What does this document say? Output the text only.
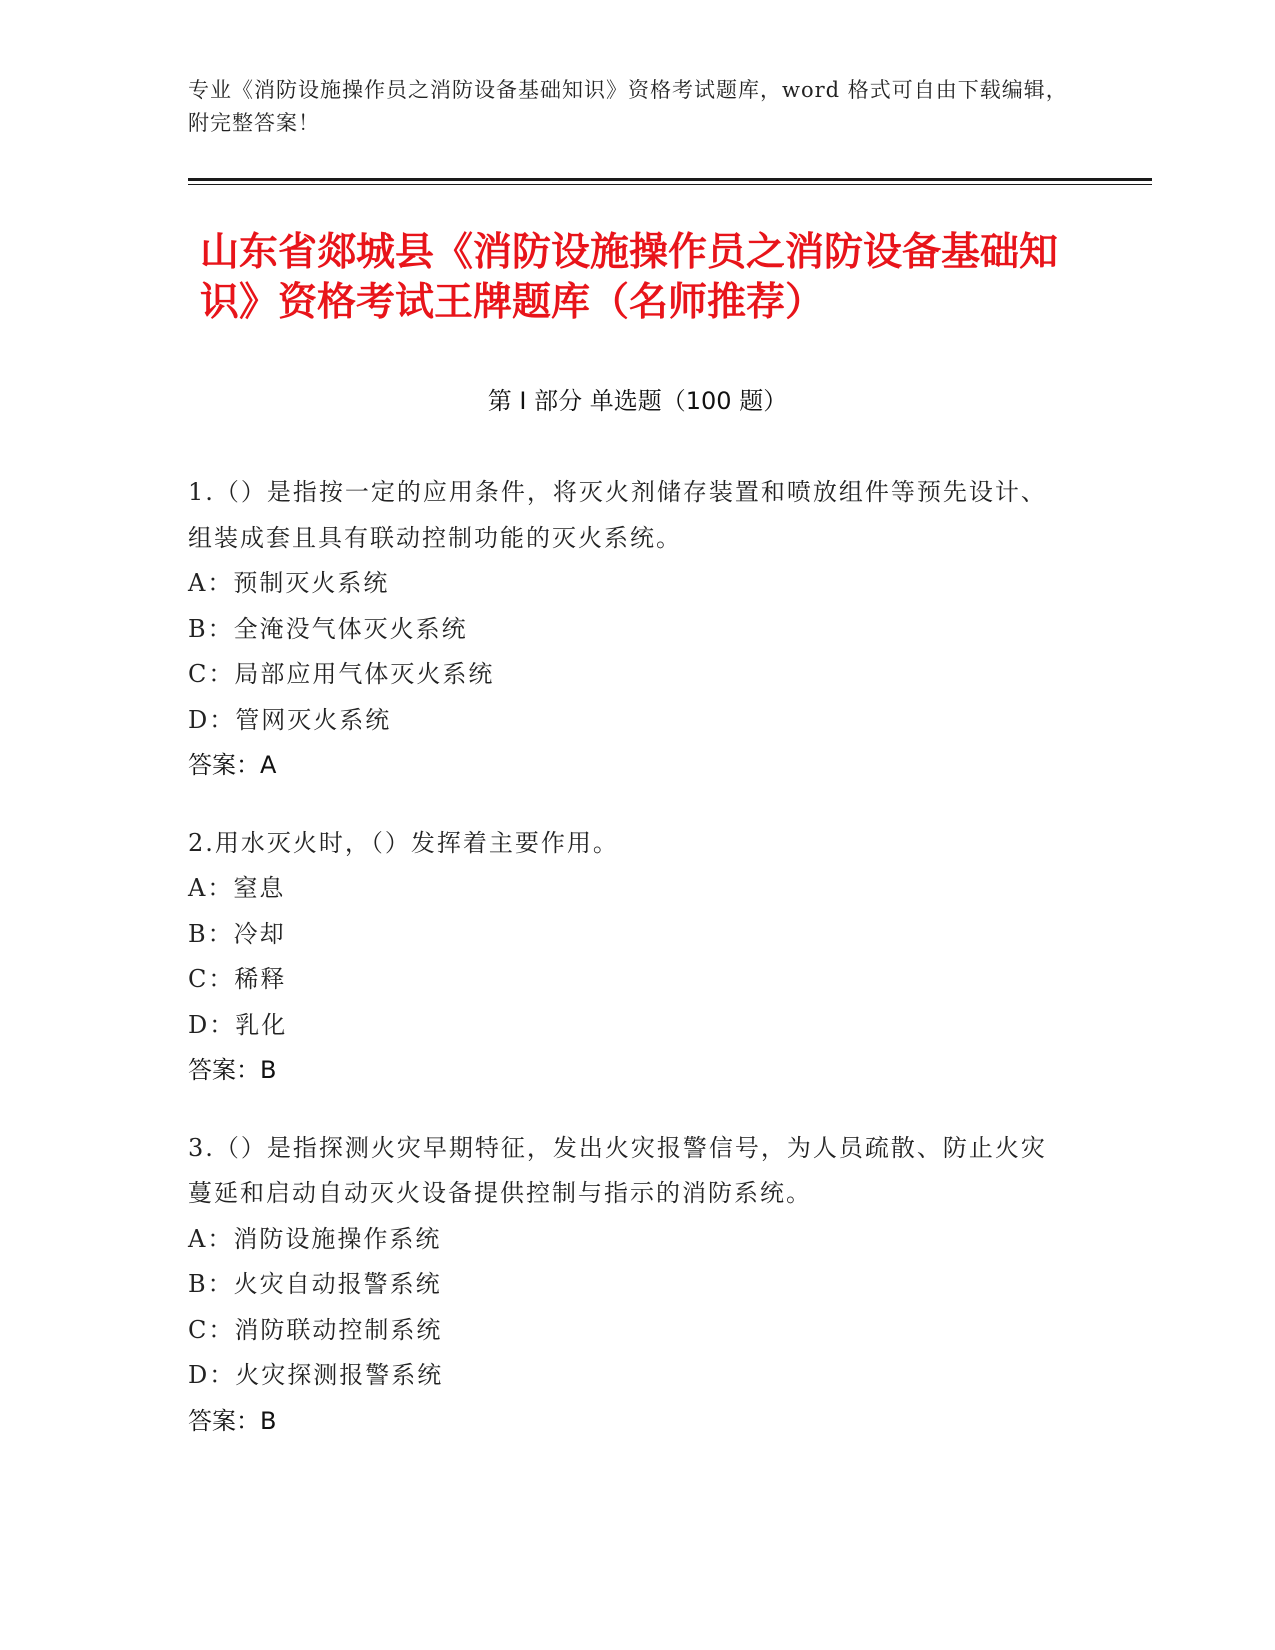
专业《消防设施操作员之消防设备基础知识》资格考试题库，word 格式可自由下载编辑，附完整答案！
山东省郯城县《消防设施操作员之消防设备基础知识》资格考试王牌题库（名师推荐）
第 I 部分 单选题（100 题）
1.（）是指按一定的应用条件，将灭火剂储存装置和喷放组件等预先设计、组装成套且具有联动控制功能的灭火系统。
A：预制灭火系统
B：全淹没气体灭火系统
C：局部应用气体灭火系统
D：管网灭火系统
答案：A
2.用水灭火时，（）发挥着主要作用。
A：窒息
B：冷却
C：稀释
D：乳化
答案：B
3.（）是指探测火灾早期特征，发出火灾报警信号，为人员疏散、防止火灾蔓延和启动自动灭火设备提供控制与指示的消防系统。
A：消防设施操作系统
B：火灾自动报警系统
C：消防联动控制系统
D：火灾探测报警系统
答案：B
